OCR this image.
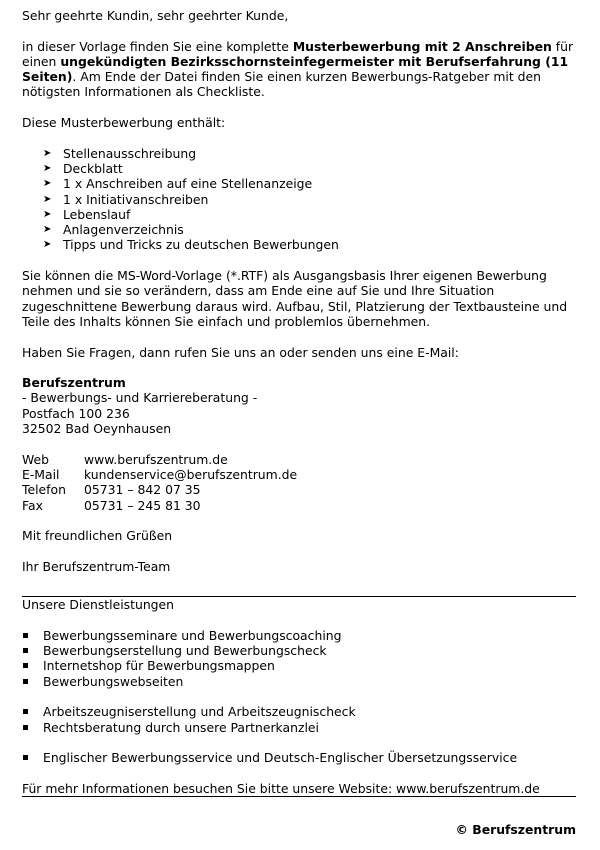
Sehr geehrte Kundin, sehr geehrter Kunde,

in dieser Vorlage finden Sie eine komplette Musterbewerbung mit 2 Anschreiben für einen ungekündigten Bezirksschornsteinfegermeister mit Berufserfahrung (11 Seiten). Am Ende der Datei finden Sie einen kurzen Bewerbungs-Ratgeber mit den nötigsten Informationen als Checkliste.

Diese Musterbewerbung enthält:

➤ Stellenausschreibung
➤ Deckblatt
➤ 1 x Anschreiben auf eine Stellenanzeige
➤ 1 x Initiativanschreiben
➤ Lebenslauf
➤ Anlagenverzeichnis
➤ Tipps und Tricks zu deutschen Bewerbungen

Sie können die MS-Word-Vorlage (*.RTF) als Ausgangsbasis Ihrer eigenen Bewerbung nehmen und sie so verändern, dass am Ende eine auf Sie und Ihre Situation zugeschnittene Bewerbung daraus wird. Aufbau, Stil, Platzierung der Textbausteine und Teile des Inhalts können Sie einfach und problemlos übernehmen.

Haben Sie Fragen, dann rufen Sie uns an oder senden uns eine E-Mail:

Berufszentrum

- Bewerbungs- und Karriereberatung -

Postfach 100 236

32502 Bad Oeynhausen

Web	www.berufszentrum.de
E-Mail	kundenservice@berufszentrum.de
Telefon	05731 – 842 07 35
Fax	05731 – 245 81 30

Mit freundlichen Grüßen

Ihr Berufszentrum-Team

Unsere Dienstleistungen

Bewerbungsseminare und Bewerbungscoaching
Bewerbungserstellung und Bewerbungscheck
Internetshop für Bewerbungsmappen
Bewerbungswebseiten
Arbeitszeugniserstellung und Arbeitszeugnischeck
Rechtsberatung durch unsere Partnerkanzlei
Englischer Bewerbungsservice und Deutsch-Englischer Übersetzungsservice

Für mehr Informationen besuchen Sie bitte unsere Website: www.berufszentrum.de

© Berufszentrum
